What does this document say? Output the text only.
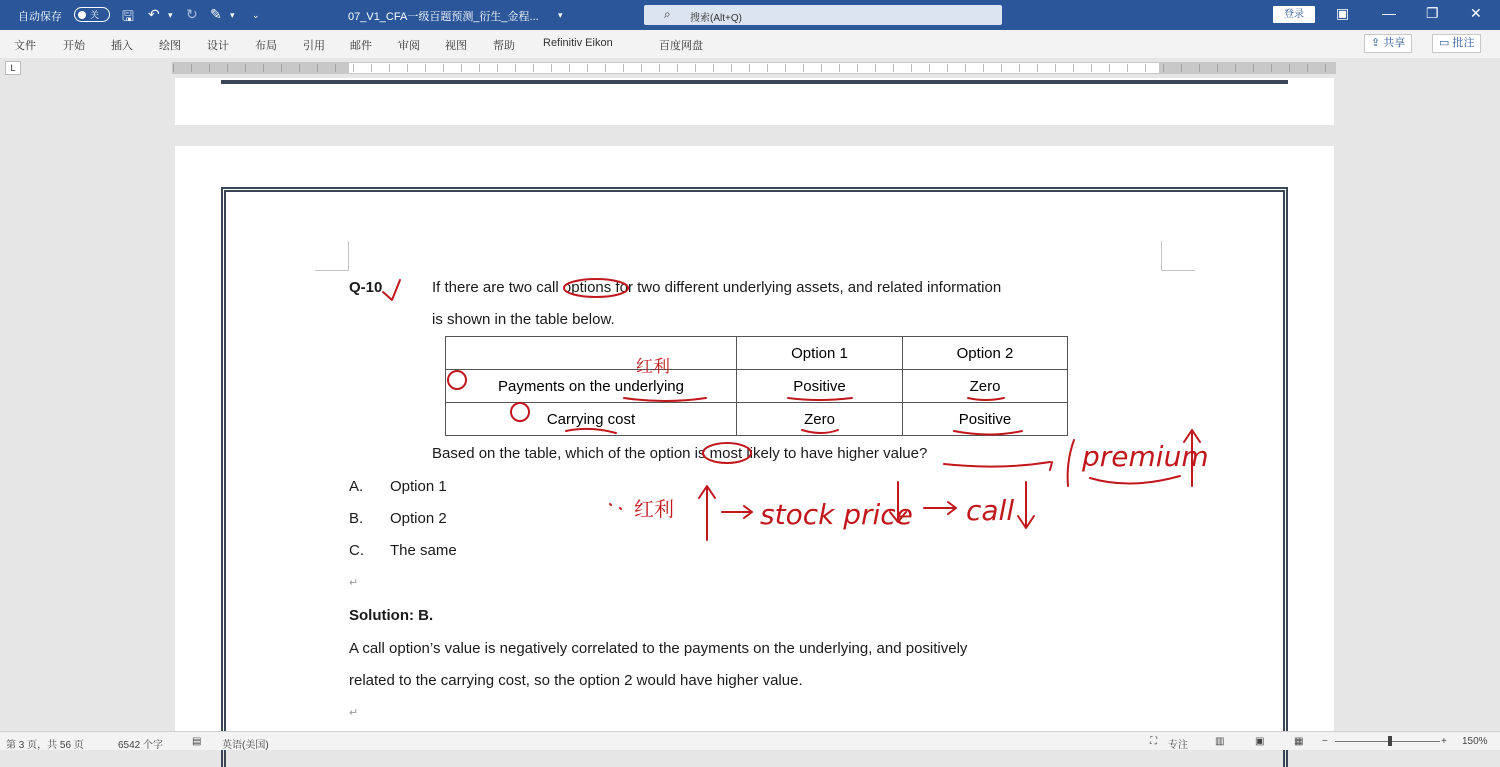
自动保存	关 🖫 ↶ ▾ ↻ ✎ ▾ ⌄	07_V1_CFA一级百题预测_衍生_金程... ▾	⌕ 搜索(Alt+Q)	登录	▣ — ❐ ✕
文件 开始 插入 绘图 设计 布局 引用 邮件 审阅 视图 帮助	Refinitiv Eikon	百度网盘	⇪ 共享	▭ 批注
L
Q-10	If there are two call options for two different underlying assets, and related information
is shown in the table below.
	Option 1	Option 2
Payments on the underlying	Positive	Zero
Carrying cost	Zero	Positive
Based on the table, which of the option is most likely to have higher value?
A. Option 1
B. Option 2
C. The same
↵
Solution: B.
A call option’s value is negatively correlated to the payments on the underlying, and positively
related to the carrying cost, so the option 2 would have higher value.
↵
红利
premium
红利	stock price call
第 3 页，共 56 页	6542 个字	▤ 英语(美国)	⛶ 专注	▥	▣	▦ −	+ 150%
